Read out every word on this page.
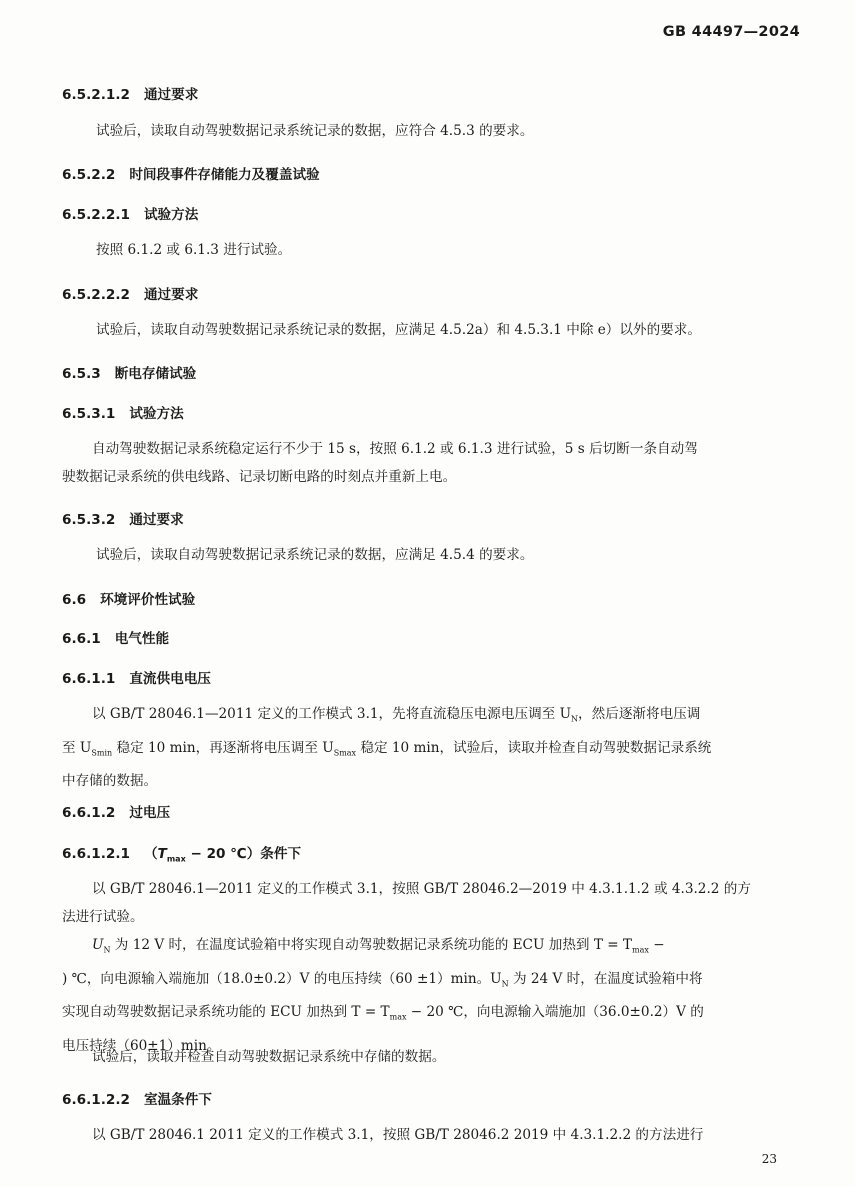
GB 44497—2024
6.5.2.1.2 通过要求
试验后，读取自动驾驶数据记录系统记录的数据，应符合 4.5.3 的要求。
6.5.2.2 时间段事件存储能力及覆盖试验
6.5.2.2.1 试验方法
按照 6.1.2 或 6.1.3 进行试验。
6.5.2.2.2 通过要求
试验后，读取自动驾驶数据记录系统记录的数据，应满足 4.5.2a）和 4.5.3.1 中除 e）以外的要求。
6.5.3 断电存储试验
6.5.3.1 试验方法
自动驾驶数据记录系统稳定运行不少于 15 s，按照 6.1.2 或 6.1.3 进行试验，5 s 后切断一条自动驾
驶数据记录系统的供电线路、记录切断电路的时刻点并重新上电。
6.5.3.2 通过要求
试验后，读取自动驾驶数据记录系统记录的数据，应满足 4.5.4 的要求。
6.6 环境评价性试验
6.6.1 电气性能
6.6.1.1 直流供电电压
以 GB/T 28046.1—2011 定义的工作模式 3.1，先将直流稳压电源电压调至 $U_N$，然后逐渐将电压调
至 $U_{Smin}$ 稳定 10 min，再逐渐将电压调至 $U_{Smax}$ 稳定 10 min，试验后，读取并检查自动驾驶数据记录系统
中存储的数据。
6.6.1.2 过电压
6.6.1.2.1 （$T_{max} - 20$ ℃）条件下
以 GB/T 28046.1—2011 定义的工作模式 3.1，按照 GB/T 28046.2—2019 中 4.3.1.1.2 或 4.3.2.2 的方
法进行试验。
$U_N$ 为 12 V 时，在温度试验箱中将实现自动驾驶数据记录系统功能的 ECU 加热到 $T = T_{max}$ −
) ℃，向电源输入端施加（18.0±0.2）V 的电压持续（60 ±1）min。$U_N$ 为 24 V 时，在温度试验箱中将
实现自动驾驶数据记录系统功能的 ECU 加热到 $T = T_{max} - 20$ ℃，向电源输入端施加（36.0±0.2）V 的
电压持续（60±1）min。
试验后，读取并检查自动驾驶数据记录系统中存储的数据。
6.6.1.2.2 室温条件下
以 GB/T 28046.1 2011 定义的工作模式 3.1，按照 GB/T 28046.2 2019 中 4.3.1.2.2 的方法进行
23
